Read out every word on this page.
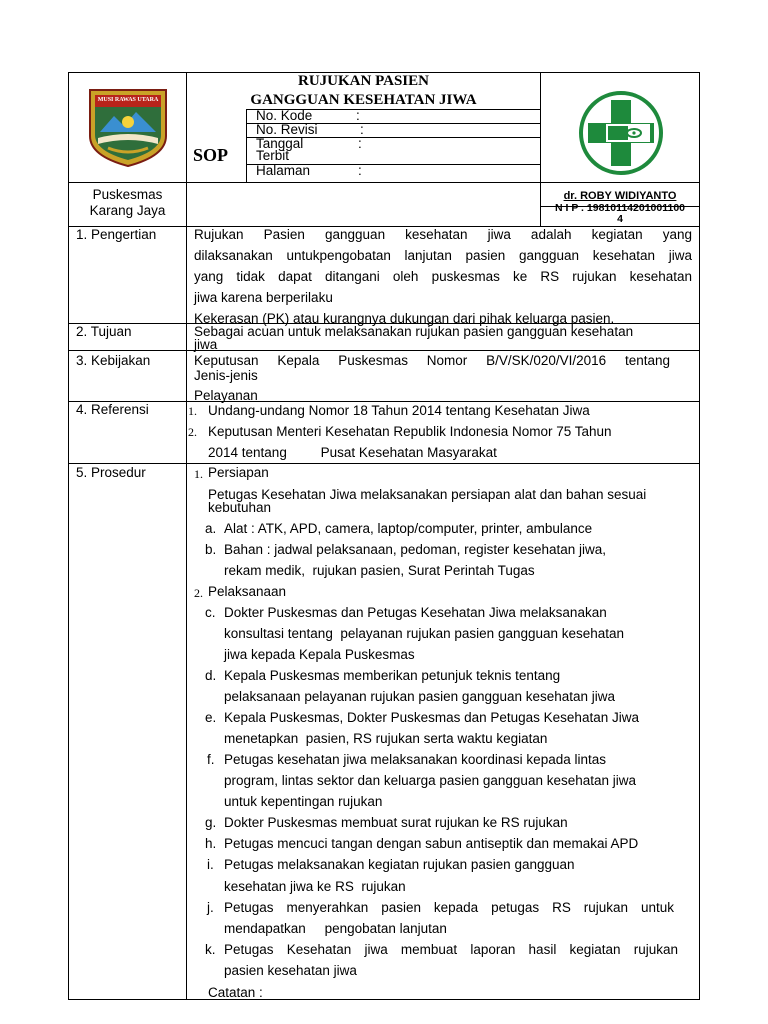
MUSI RAWAS UTARA
RUJUKAN PASIEN
GANGGUAN KESEHATAN JIWA
SOP
No. Kode	:
No. Revisi	:
Tanggal
Terbit
:
Halaman	:
Puskesmas
Karang Jaya
dr. ROBY WIDIYANTO
N I P . 19810114201001100
4
1. Pengertian	Rujukan Pasien gangguan kesehatan jiwa adalah kegiatan yang
dilaksanakan untukpengobatan lanjutan pasien gangguan kesehatan jiwa
yang tidak dapat ditangani oleh puskesmas ke RS rujukan kesehatan
jiwa karena berperilaku
Kekerasan (PK) atau kurangnya dukungan dari pihak keluarga pasien.
2. Tujuan	Sebagai acuan untuk melaksanakan rujukan pasien gangguan kesehatan
jiwa
3. Kebijakan	Keputusan Kepala Puskesmas Nomor B/V/SK/020/VI/2016 tentang
Jenis-jenis
Pelayanan
4. Referensi	1. Undang-undang Nomor 18 Tahun 2014 tentang Kesehatan Jiwa
2. Keputusan Menteri Kesehatan Republik Indonesia Nomor 75 Tahun
2014 tentang         Pusat Kesehatan Masyarakat
5. Prosedur	1. Persiapan
Petugas Kesehatan Jiwa melaksanakan persiapan alat dan bahan sesuai
kebutuhan
a. Alat : ATK, APD, camera, laptop/computer, printer, ambulance
b. Bahan : jadwal pelaksanaan, pedoman, register kesehatan jiwa,
rekam medik,  rujukan pasien, Surat Perintah Tugas
2. Pelaksanaan
c. Dokter Puskesmas dan Petugas Kesehatan Jiwa melaksanakan
konsultasi tentang  pelayanan rujukan pasien gangguan kesehatan
jiwa kepada Kepala Puskesmas
d. Kepala Puskesmas memberikan petunjuk teknis tentang
pelaksanaan pelayanan rujukan pasien gangguan kesehatan jiwa
e. Kepala Puskesmas, Dokter Puskesmas dan Petugas Kesehatan Jiwa
menetapkan  pasien, RS rujukan serta waktu kegiatan
f. Petugas kesehatan jiwa melaksanakan koordinasi kepada lintas
program, lintas sektor dan keluarga pasien gangguan kesehatan jiwa
untuk kepentingan rujukan
g. Dokter Puskesmas membuat surat rujukan ke RS rujukan
h. Petugas mencuci tangan dengan sabun antiseptik dan memakai APD
i. Petugas melaksanakan kegiatan rujukan pasien gangguan
kesehatan jiwa ke RS  rujukan
j. Petugas menyerahkan pasien kepada petugas RS rujukan untuk
mendapatkan     pengobatan lanjutan
k. Petugas Kesehatan jiwa membuat laporan hasil kegiatan rujukan
pasien kesehatan jiwa
Catatan :
